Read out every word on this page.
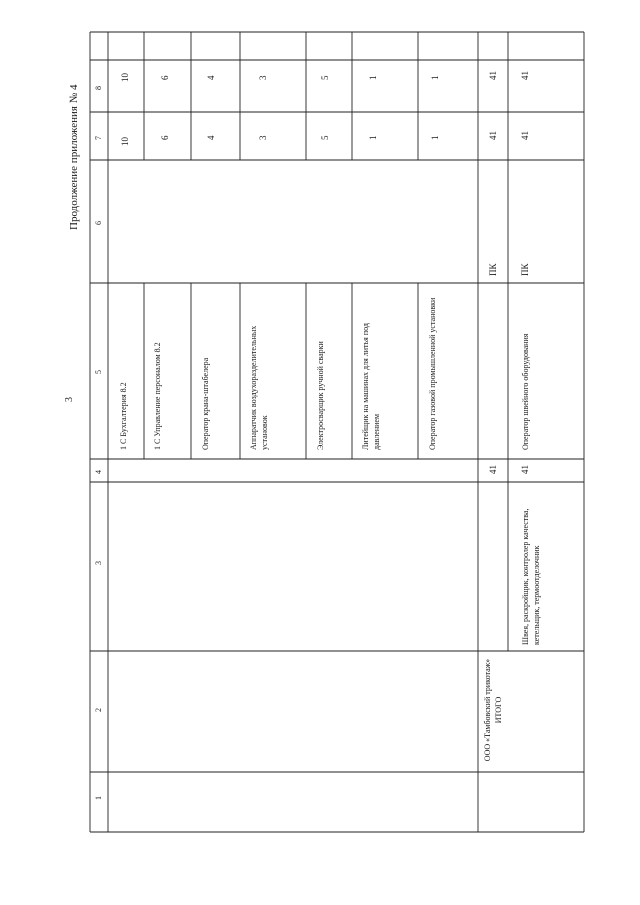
3
Продолжение приложения № 4
1
2
3
4
5
6
7
8
1 С Бухгалтерия 8.2
10
10
1 С Управление персоналом 8.2
6
6
Оператор крана-штабелера
4
4
Аппаратчик воздухоразделительных установок
3
3
Электросварщик ручной сварки
5
5
Литейщик на машинах для литья под давлением
1
1
Оператор газовой промышленной установки
1
1
ООО «Тамбовский трикотаж» ИТОГО
41
ПК
41
41
Швея, раскройщик, контролер качества, кетельщик, термоотделочник
41
Оператор швейного оборудования
ПК
41
41
